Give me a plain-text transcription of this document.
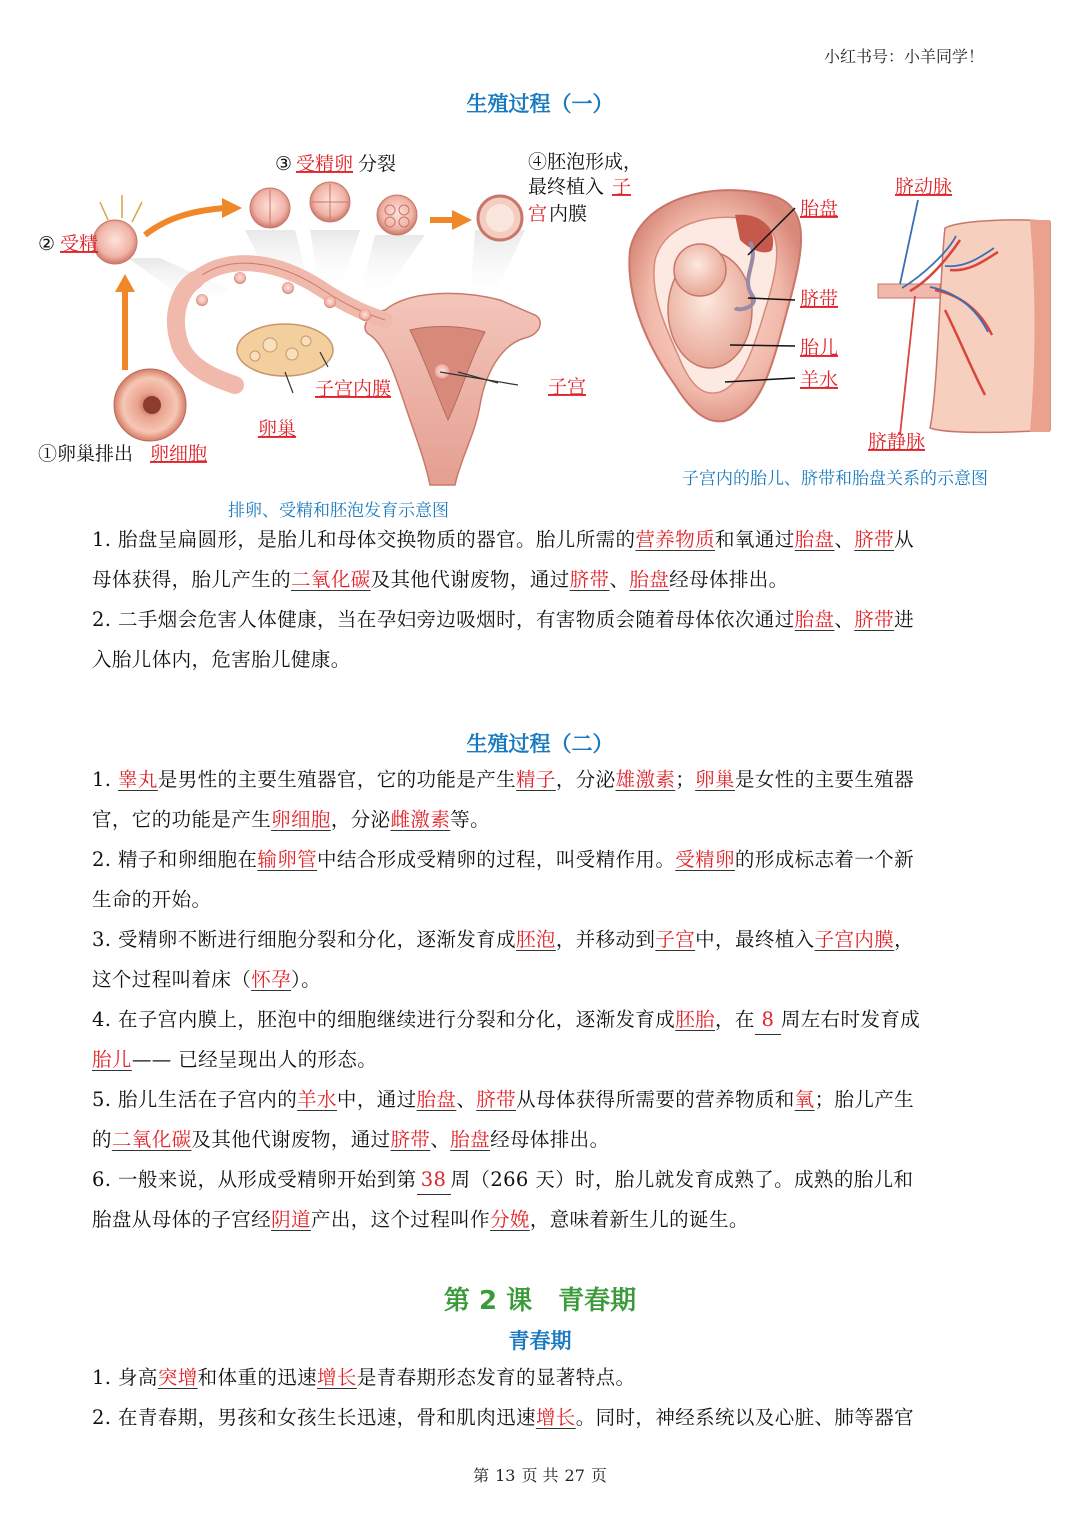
小红书号：小羊同学！
生殖过程（一）
② 受精
③ 受精卵 分裂	④胚泡形成，
最终植入 子
宫 内膜
子宫内膜	子宫
卵巢
①卵巢排出 卵细胞
排卵、受精和胚泡发育示意图
胎盘
脐带
胎儿
羊水
脐动脉
脐静脉
子宫内的胎儿、脐带和胎盘关系的示意图
1. 胎盘呈扁圆形，是胎儿和母体交换物质的器官。胎儿所需的营养物质和氧通过胎盘、脐带从
母体获得，胎儿产生的二氧化碳及其他代谢废物，通过脐带、胎盘经母体排出。
2. 二手烟会危害人体健康，当在孕妇旁边吸烟时，有害物质会随着母体依次通过胎盘、脐带进
入胎儿体内，危害胎儿健康。
生殖过程（二）
1. 睾丸是男性的主要生殖器官，它的功能是产生精子，分泌雄激素；卵巢是女性的主要生殖器
官，它的功能是产生卵细胞，分泌雌激素等。
2. 精子和卵细胞在输卵管中结合形成受精卵的过程，叫受精作用。受精卵的形成标志着一个新
生命的开始。
3. 受精卵不断进行细胞分裂和分化，逐渐发育成胚泡，并移动到子宫中，最终植入子宫内膜，
这个过程叫着床（怀孕）。
4. 在子宫内膜上，胚泡中的细胞继续进行分裂和分化，逐渐发育成胚胎，在 8 周左右时发育成
胎儿—— 已经呈现出人的形态。
5. 胎儿生活在子宫内的羊水中，通过胎盘、脐带从母体获得所需要的营养物质和氧；胎儿产生
的二氧化碳及其他代谢废物，通过脐带、胎盘经母体排出。
6. 一般来说，从形成受精卵开始到第 38 周（266 天）时，胎儿就发育成熟了。成熟的胎儿和
胎盘从母体的子宫经阴道产出，这个过程叫作分娩，意味着新生儿的诞生。
第 2 课　青春期
青春期
1. 身高突增和体重的迅速增长是青春期形态发育的显著特点。
2. 在青春期，男孩和女孩生长迅速，骨和肌肉迅速增长。同时，神经系统以及心脏、肺等器官
第 13 页 共 27 页
